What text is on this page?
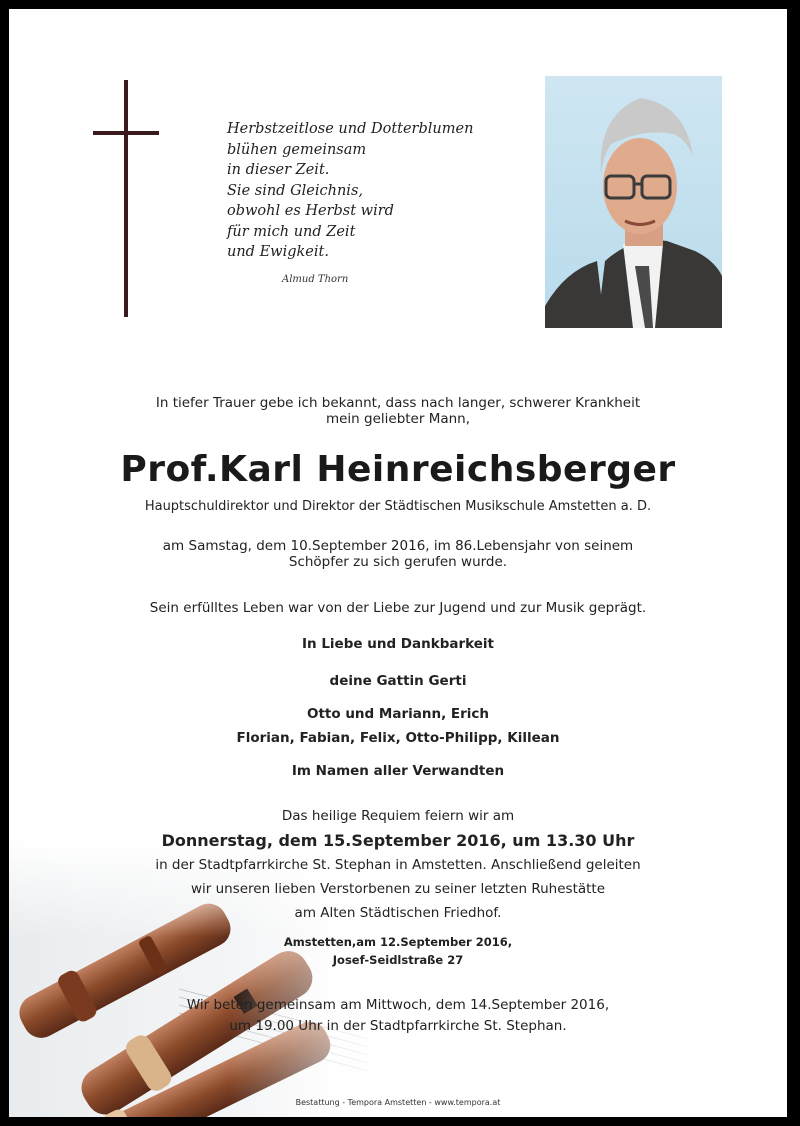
Herbstzeitlose und Dotterblumen
blühen gemeinsam
in dieser Zeit.
Sie sind Gleichnis,
obwohl es Herbst wird
für mich und Zeit
und Ewigkeit.
Almud Thorn
In tiefer Trauer gebe ich bekannt, dass nach langer, schwerer Krankheit
mein geliebter Mann,
Prof.Karl Heinreichsberger
Hauptschuldirektor und Direktor der Städtischen Musikschule Amstetten a. D.
am Samstag, dem 10.September 2016, im 86.Lebensjahr von seinem
Schöpfer zu sich gerufen wurde.
Sein erfülltes Leben war von der Liebe zur Jugend und zur Musik geprägt.
In Liebe und Dankbarkeit
deine Gattin Gerti
Otto und Mariann, Erich
Florian, Fabian, Felix, Otto-Philipp, Killean
Im Namen aller Verwandten
Das heilige Requiem feiern wir am
Donnerstag, dem 15.September 2016, um 13.30 Uhr
in der Stadtpfarrkirche St. Stephan in Amstetten. Anschließend geleiten
wir unseren lieben Verstorbenen zu seiner letzten Ruhestätte
am Alten Städtischen Friedhof.
Amstetten,am 12.September 2016,
Josef-Seidlstraße 27
Wir beten gemeinsam am Mittwoch, dem 14.September 2016,
um 19.00 Uhr in der Stadtpfarrkirche St. Stephan.
Bestattung - Tempora Amstetten - www.tempora.at
